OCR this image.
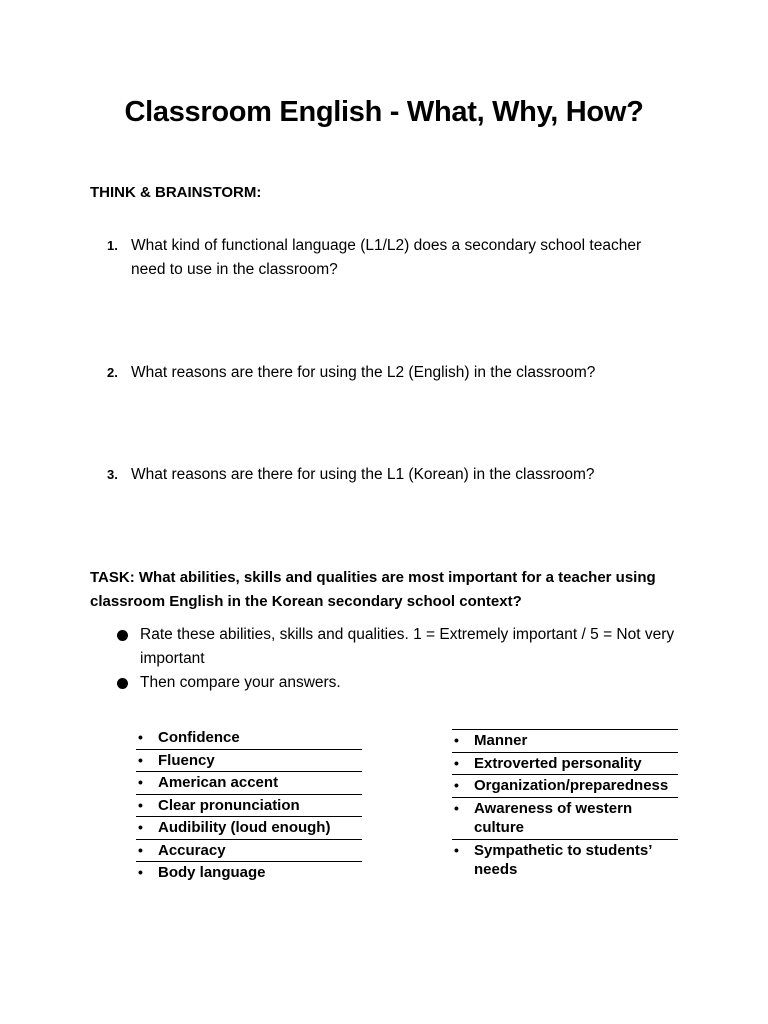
Classroom English - What, Why, How?
THINK & BRAINSTORM:
1. What kind of functional language (L1/L2) does a secondary school teacher need to use in the classroom?
2. What reasons are there for using the L2 (English) in the classroom?
3. What reasons are there for using the L1 (Korean) in the classroom?
TASK: What abilities, skills and qualities are most important for a teacher using classroom English in the Korean secondary school context?
Rate these abilities, skills and qualities. 1 = Extremely important / 5 = Not very important
Then compare your answers.
• Confidence
• Fluency
• American accent
• Clear pronunciation
• Audibility (loud enough)
• Accuracy
• Body language
• Manner
• Extroverted personality
• Organization/preparedness
• Awareness of western culture
• Sympathetic to students’ needs
